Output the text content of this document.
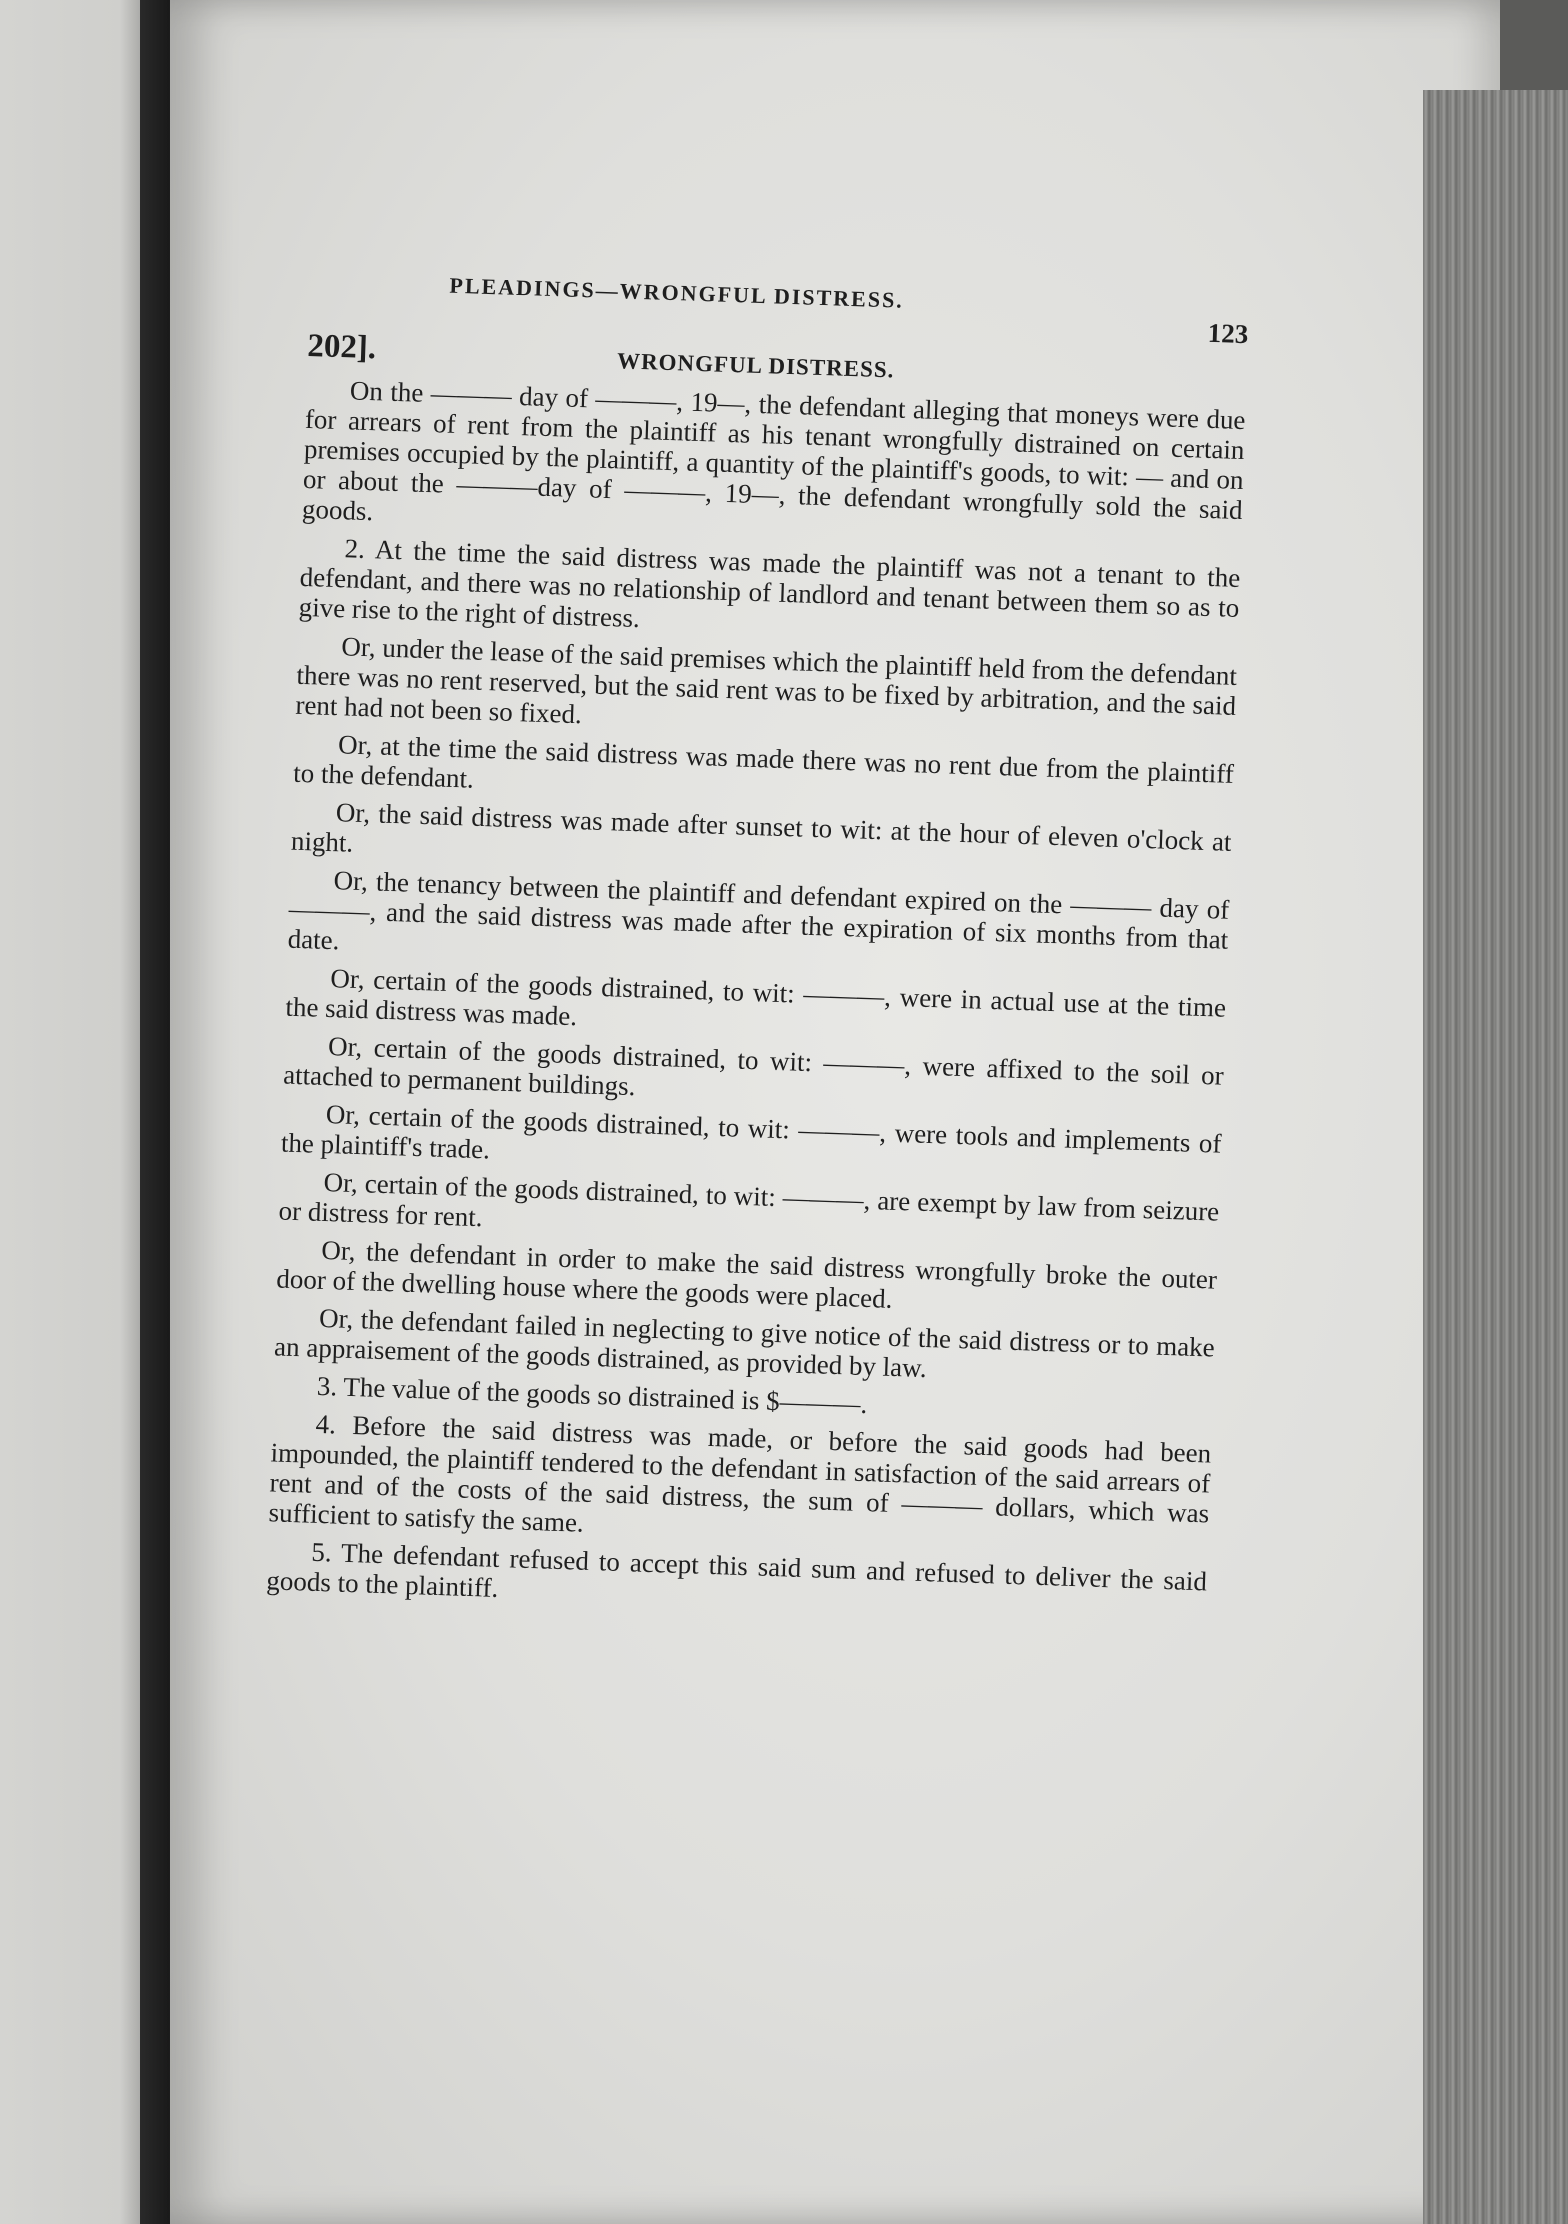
PLEADINGS—WRONGFUL DISTRESS.
123
202].	WRONGFUL DISTRESS.

On the ——— day of ———, 19—, the defendant alleging that moneys were due for arrears of rent from the plaintiff as his tenant wrongfully distrained on certain premises occupied by the plaintiff, a quantity of the plaintiff's goods, to wit: — and on or about the ———day of ———, 19—, the defendant wrongfully sold the said goods.

2. At the time the said distress was made the plaintiff was not a tenant to the defendant, and there was no relationship of landlord and tenant between them so as to give rise to the right of distress.

Or, under the lease of the said premises which the plaintiff held from the defendant there was no rent reserved, but the said rent was to be fixed by arbitration, and the said rent had not been so fixed.

Or, at the time the said distress was made there was no rent due from the plaintiff to the defendant.

Or, the said distress was made after sunset to wit: at the hour of eleven o'clock at night.

Or, the tenancy between the plaintiff and defendant expired on the ——— day of ———, and the said distress was made after the expiration of six months from that date.

Or, certain of the goods distrained, to wit: ———, were in actual use at the time the said distress was made.

Or, certain of the goods distrained, to wit: ———, were affixed to the soil or attached to permanent buildings.

Or, certain of the goods distrained, to wit: ———, were tools and implements of the plaintiff's trade.

Or, certain of the goods distrained, to wit: ———, are exempt by law from seizure or distress for rent.

Or, the defendant in order to make the said distress wrongfully broke the outer door of the dwelling house where the goods were placed.

Or, the defendant failed in neglecting to give notice of the said distress or to make an appraisement of the goods distrained, as provided by law.

3. The value of the goods so distrained is $———.

4. Before the said distress was made, or before the said goods had been impounded, the plaintiff tendered to the defendant in satisfaction of the said arrears of rent and of the costs of the said distress, the sum of ——— dollars, which was sufficient to satisfy the same.

5. The defendant refused to accept this said sum and refused to deliver the said goods to the plaintiff.
